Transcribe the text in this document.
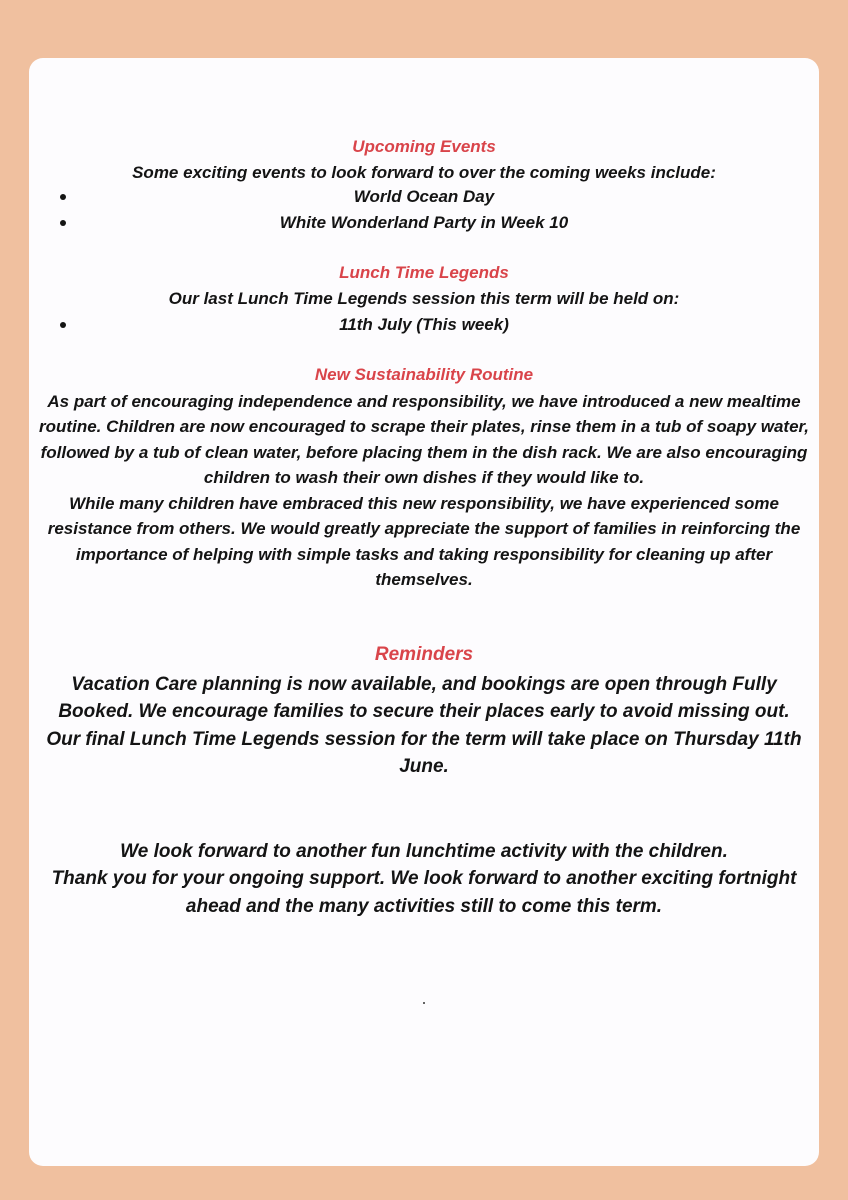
Upcoming Events

Some exciting events to look forward to over the coming weeks include:

World Ocean Day
White Wonderland Party in Week 10

Lunch Time Legends

Our last Lunch Time Legends session this term will be held on:

11th July (This week)

New Sustainability Routine

As part of encouraging independence and responsibility, we have introduced a new mealtime routine. Children are now encouraged to scrape their plates, rinse them in a tub of soapy water, followed by a tub of clean water, before placing them in the dish rack. We are also encouraging children to wash their own dishes if they would like to.

While many children have embraced this new responsibility, we have experienced some resistance from others. We would greatly appreciate the support of families in reinforcing the importance of helping with simple tasks and taking responsibility for cleaning up after themselves.

Reminders

Vacation Care planning is now available, and bookings are open through Fully Booked. We encourage families to secure their places early to avoid missing out. Our final Lunch Time Legends session for the term will take place on Thursday 11th June.

We look forward to another fun lunchtime activity with the children.

Thank you for your ongoing support. We look forward to another exciting fortnight ahead and the many activities still to come this term.
